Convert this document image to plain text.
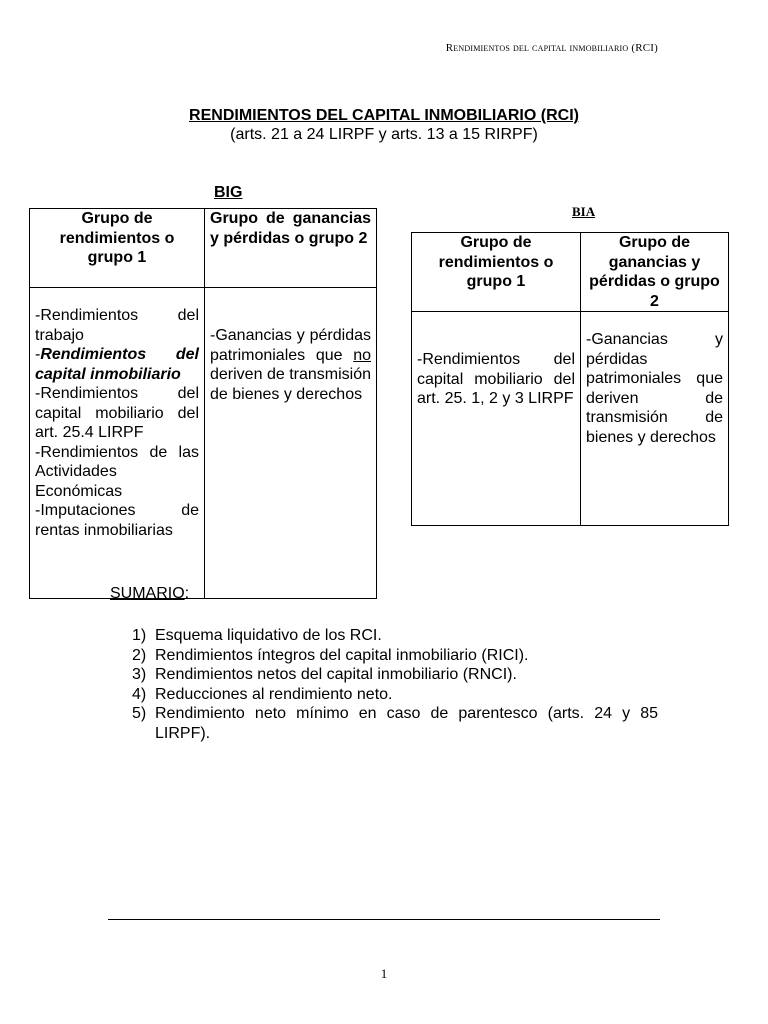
Rendimientos del capital inmobiliario (RCI)
RENDIMIENTOS DEL CAPITAL INMOBILIARIO (RCI)
(arts. 21 a 24 LIRPF y arts. 13 a 15 RIRPF)
BIG
Grupo de rendimientos o grupo 1	Grupo de ganancias y pérdidas o grupo 2

-Rendimientos del trabajo
-Rendimientos del capital inmobiliario
-Rendimientos del capital mobiliario del art. 25.4 LIRPF
-Rendimientos de las Actividades Económicas
-Imputaciones de rentas inmobiliarias	-Ganancias y pérdidas patrimoniales que no deriven de transmisión de bienes y derechos
BIA
Grupo de rendimientos o grupo 1	Grupo de ganancias y pérdidas o grupo 2
-Rendimientos del capital mobiliario del art. 25. 1, 2 y 3 LIRPF	-Ganancias y pérdidas patrimoniales que deriven de transmisión de bienes y derechos
SUMARIO:
1) Esquema liquidativo de los RCI.
2) Rendimientos íntegros del capital inmobiliario (RICI).
3) Rendimientos netos del capital inmobiliario (RNCI).
4) Reducciones al rendimiento neto.
5) Rendimiento neto mínimo en caso de parentesco (arts. 24 y 85 LIRPF).
1
